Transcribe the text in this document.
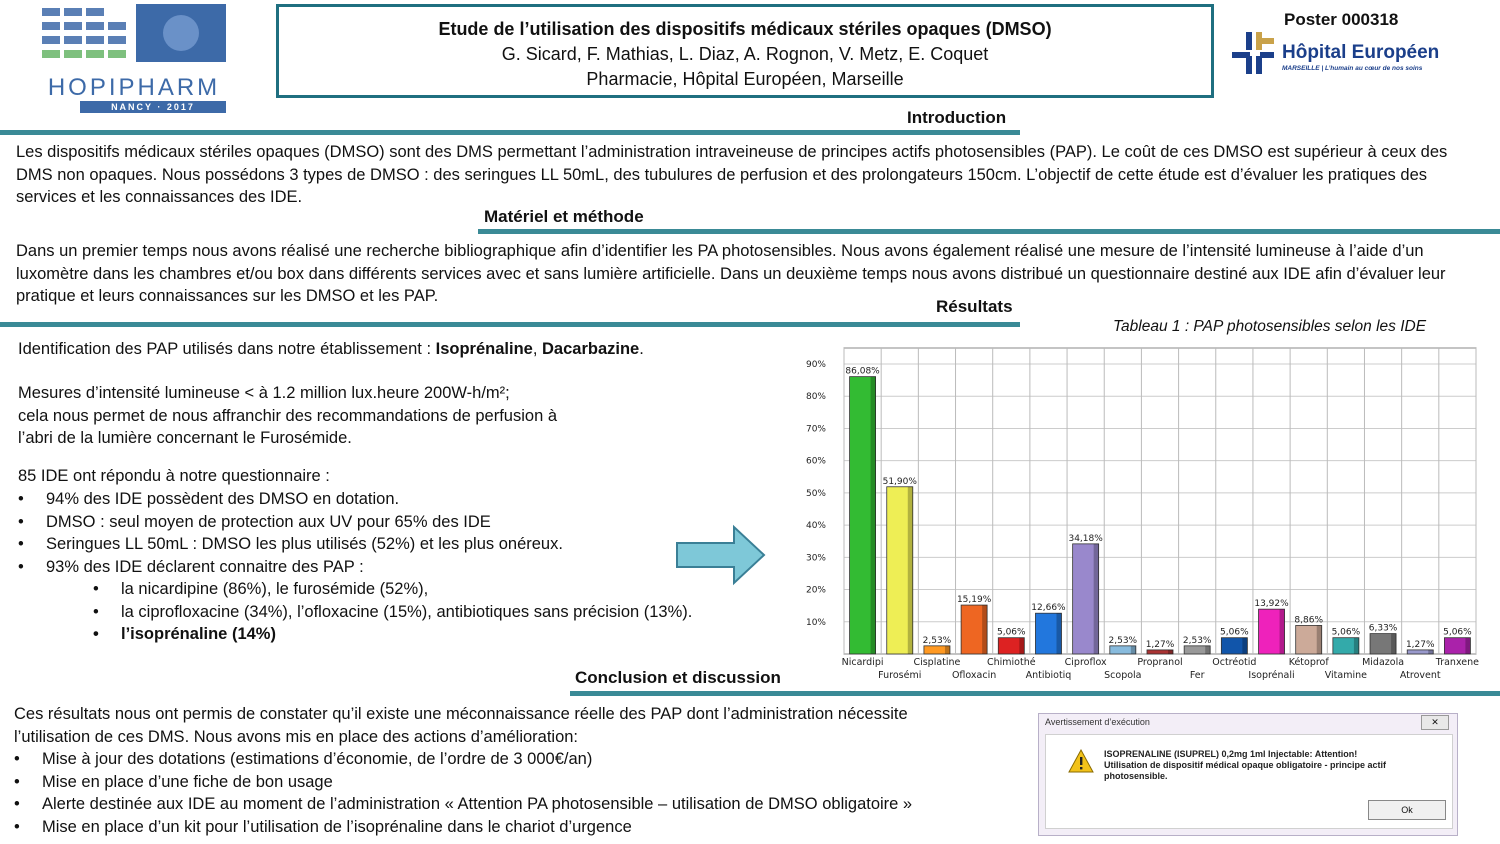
HOPIPHARM
NANCY · 2017
Etude de l’utilisation des dispositifs médicaux stériles opaques (DMSO)
G. Sicard, F. Mathias, L. Diaz, A. Rognon, V. Metz, E. Coquet
Pharmacie, Hôpital Européen, Marseille
Poster 000318
Hôpital Européen
MARSEILLE | L’humain au cœur de nos soins
Introduction
Les dispositifs médicaux stériles opaques (DMSO) sont des DMS permettant l’administration intraveineuse de principes actifs photosensibles (PAP). Le coût de ces DMSO est supérieur à ceux des DMS non opaques. Nous possédons 3 types de DMSO : des seringues LL 50mL, des tubulures de perfusion et des prolongateurs 150cm. L’objectif de cette étude est d’évaluer les pratiques des services et les connaissances des IDE.
Matériel et méthode
Dans un premier temps nous avons réalisé une recherche bibliographique afin d’identifier les PA photosensibles. Nous avons également réalisé une mesure de l’intensité lumineuse à l’aide d’un luxomètre dans les chambres et/ou box dans différents services avec et sans lumière artificielle. Dans un deuxième temps nous avons distribué un questionnaire destiné aux IDE afin d’évaluer leur pratique et leurs connaissances sur les DMSO et les PAP.
Résultats
Tableau 1 : PAP photosensibles selon les IDE
Identification des PAP utilisés dans notre établissement : Isoprénaline, Dacarbazine.
Mesures d’intensité lumineuse < à 1.2 million lux.heure 200W-h/m²;
cela nous permet de nous affranchir des recommandations de perfusion à
l’abri de la lumière concernant le Furosémide.
85 IDE ont répondu à notre questionnaire :
• 94% des IDE possèdent des DMSO en dotation.
• DMSO : seul moyen de protection aux UV pour 65% des IDE
• Seringues LL 50mL : DMSO les plus utilisés (52%) et les plus onéreux.
• 93% des IDE déclarent connaitre des PAP :
• la nicardipine (86%), le furosémide (52%),
• la ciprofloxacine (34%), l’ofloxacine (15%), antibiotiques sans précision (13%).
• l’isoprénaline (14%)
90%
80%
70%
60%
50%
40%
30%
20%
10%
86,08%
Nicardipi
51,90%
Furosémi
2,53%
Cisplatine
15,19%
Ofloxacin
5,06%
Chimiothé
12,66%
Antibiotiq
34,18%
Ciproflox
2,53%
Scopola
1,27%
Propranol
2,53%
Fer
5,06%
Octréotid
13,92%
Isoprénali
8,86%
Kétoprof
5,06%
Vitamine
6,33%
Midazola
1,27%
Atrovent
5,06%
Tranxene
Conclusion et discussion
Ces résultats nous ont permis de constater qu’il existe une méconnaissance réelle des PAP dont l’administration nécessite
l’utilisation de ces DMS. Nous avons mis en place des actions d’amélioration:
• Mise à jour des dotations (estimations d’économie, de l’ordre de 3 000€/an)
• Mise en place d’une fiche de bon usage
• Alerte destinée aux IDE au moment de l’administration « Attention PA photosensible – utilisation de DMSO obligatoire »
• Mise en place d’un kit pour l’utilisation de l’isoprénaline dans le chariot d’urgence
Avertissement d’exécution	✕
ISOPRENALINE (ISUPREL) 0,2mg 1ml Injectable: Attention!
Utilisation de dispositif médical opaque obligatoire - principe actif
photosensible.
Ok
